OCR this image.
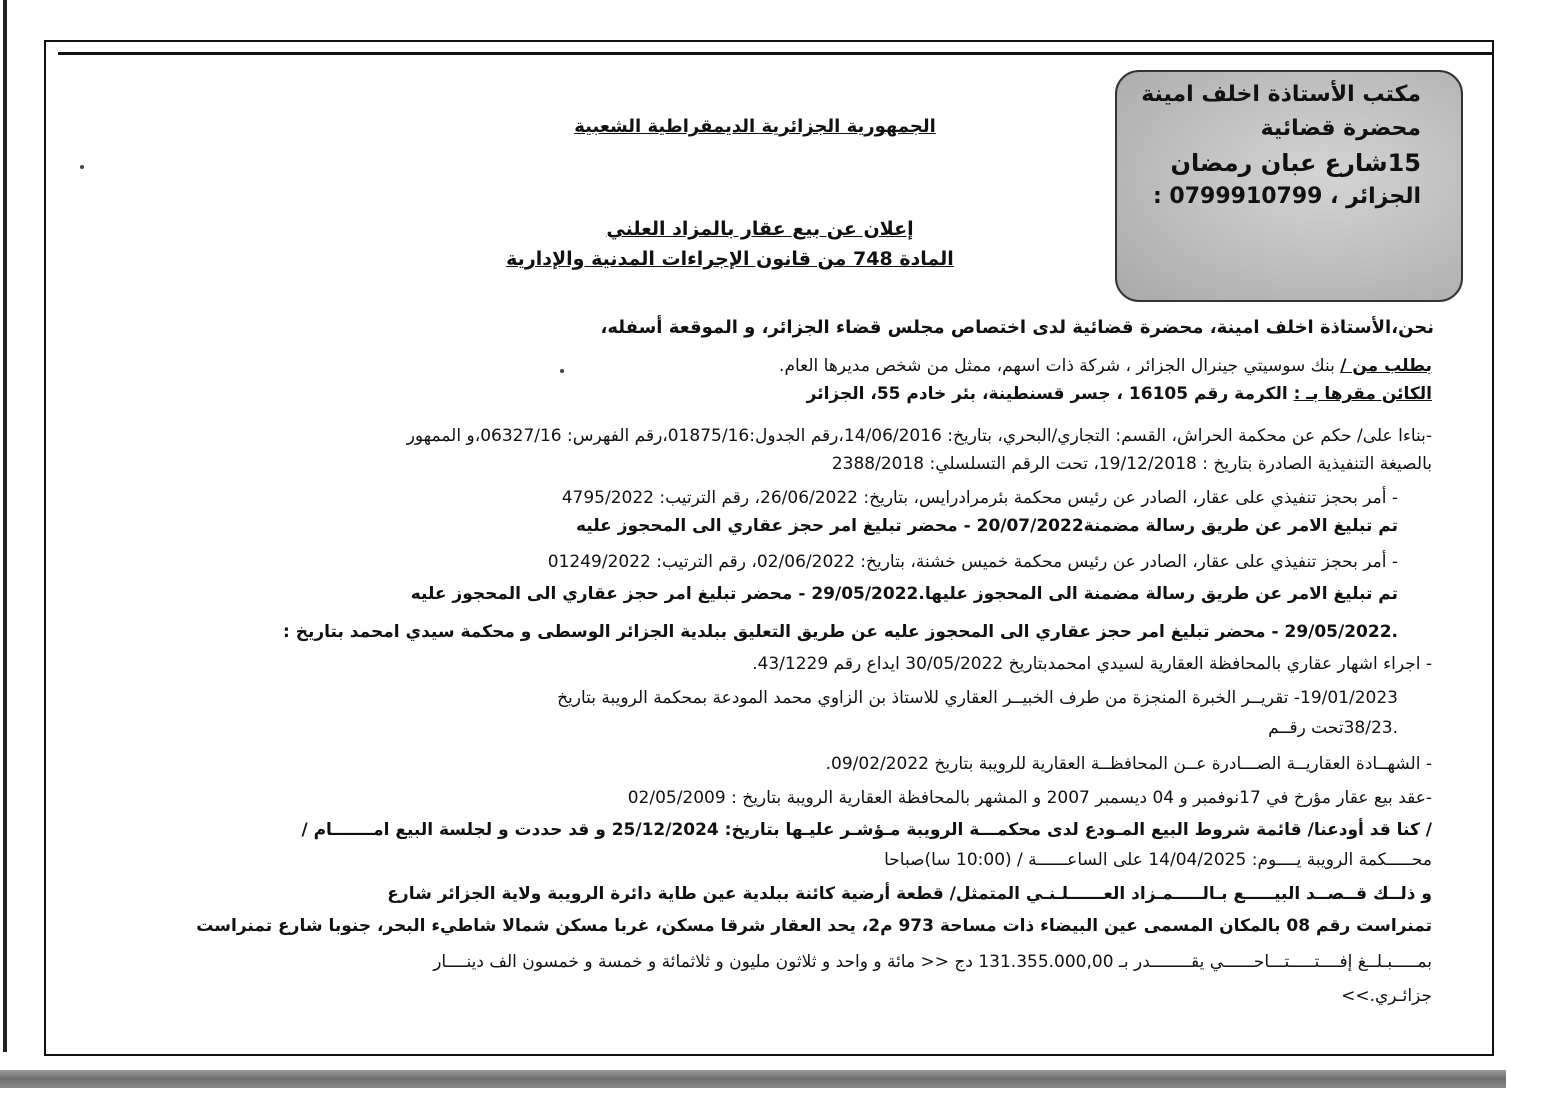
مكتب الأستاذة اخلف امينة
محضرة قضائية
15شارع عبان رمضان
الجزائر ، 0799910799 :
الجمهورية الجزائرية الديمقراطية الشعبية
إعلان عن بيع عقار بالمزاد العلني
المادة 748 من قانون الإجراءات المدنية والإدارية
نحن،الأستاذة اخلف امينة، محضرة قضائية لدى اختصاص مجلس قضاء الجزائر، و الموقعة أسفله،
بطلب من / بنك سوسيتي جينرال الجزائر ، شركة ذات اسهم، ممثل من شخص مديرها العام.
الكائن مقرها بـ : الكرمة رقم 16105 ، جسر قسنطينة، بئر خادم 55، الجزائر
-بناءا على/ حكم عن محكمة الحراش، القسم: التجاري/البحري، بتاريخ: 14/06/2016،رقم الجدول:01875/16،رقم الفهرس: 06327/16،و الممهور
بالصيغة التنفيذية الصادرة بتاريخ : 19/12/2018، تحت الرقم التسلسلي: 2388/2018
- أمر بحجز تنفيذي على عقار، الصادر عن رئيس محكمة بئرمرادرايس، بتاريخ: 26/06/2022، رقم الترتيب: 4795/2022
تم تبليغ الامر عن طريق رسالة مضمنة20/07/2022 - محضر تبليغ امر حجز عقاري الى المحجوز عليه
- أمر بحجز تنفيذي على عقار، الصادر عن رئيس محكمة خميس خشنة، بتاريخ: 02/06/2022، رقم الترتيب: 01249/2022
تم تبليغ الامر عن طريق رسالة مضمنة الى المحجوز عليها.29/05/2022 - محضر تبليغ امر حجز عقاري الى المحجوز عليه
.29/05/2022 - محضر تبليغ امر حجز عقاري الى المحجوز عليه عن طريق التعليق ببلدية الجزائر الوسطى و محكمة سيدي امحمد بتاريخ :
- اجراء اشهار عقاري بالمحافظة العقارية لسيدي امحمدبتاريخ 30/05/2022 ايداع رقم 43/1229.
19/01/2023- تقريــر الخبرة المنجزة من طرف الخبيــر العقاري للاستاذ بن الزاوي محمد المودعة بمحكمة الرويبة بتاريخ
.38/23تحت رقــم
- الشهــادة العقاريــة الصـــادرة عــن المحافظــة العقارية للرويبة بتاريخ 09/02/2022.
-عقد بيع عقار مؤرخ في 17نوفمبر و 04 ديسمبر 2007 و المشهر بالمحافظة العقارية الرويبة بتاريخ : 02/05/2009
/ كنا قد أودعنا/ قائمة شروط البيع المـودع لدى محكمـــة الرويبة مـؤشـر عليـها بتاريخ: 25/12/2024 و قد حددت و لجلسة البيع امـــــــام /
محـــــكمة الرويبة يــــوم: 14/04/2025 على الساعــــــة / (10:00 سا)صباحا
و ذلــك قــصــد البيـــــع بـالـــــمـزاد العــــــلـنـي المتمثل/ قطعة أرضية كائنة ببلدية عين طاية دائرة الرويبة ولاية الجزائر شارع
تمنراست رقم 08 بالمكان المسمى عين البيضاء ذات مساحة 973 م2، يحد العقار شرقا مسكن، غربا مسكن شمالا شاطيء البحر، جنوبا شارع تمنراست
بمـــــبـلــغ إفــــتـــــتـــاحــــــي يقــــــــدر بـ 131.355.000,00 دج << مائة و واحد و ثلاثون مليون و ثلاثمائة و خمسة و خمسون الف دينــــار
جزائـري.>>
